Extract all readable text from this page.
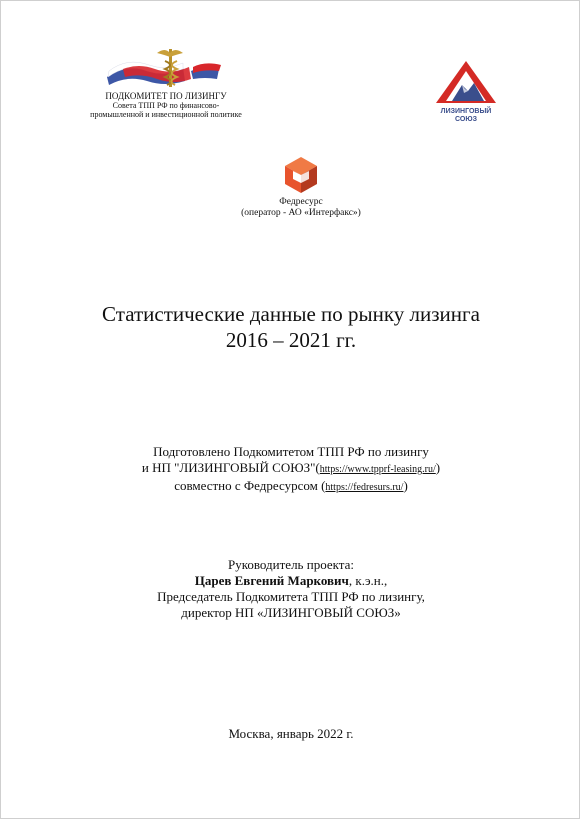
ПОДКОМИТЕТ ПО ЛИЗИНГУ
Совета ТПП РФ по финансово-
промышленной и инвестиционной политике	ЛИЗИНГОВЫЙ
СОЮЗ
Федресурс
(оператор - АО «Интерфакс»)
Статистические данные по рынку лизинга
2016 – 2021 гг.
Подготовлено Подкомитетом ТПП РФ по лизингу
и НП "ЛИЗИНГОВЫЙ СОЮЗ"(https://www.tpprf-leasing.ru/)
совместно с Федресурсом (https://fedresurs.ru/)
Руководитель проекта:
Царев Евгений Маркович, к.э.н.,
Председатель Подкомитета ТПП РФ по лизингу,
директор НП «ЛИЗИНГОВЫЙ СОЮЗ»
Москва, январь 2022 г.
